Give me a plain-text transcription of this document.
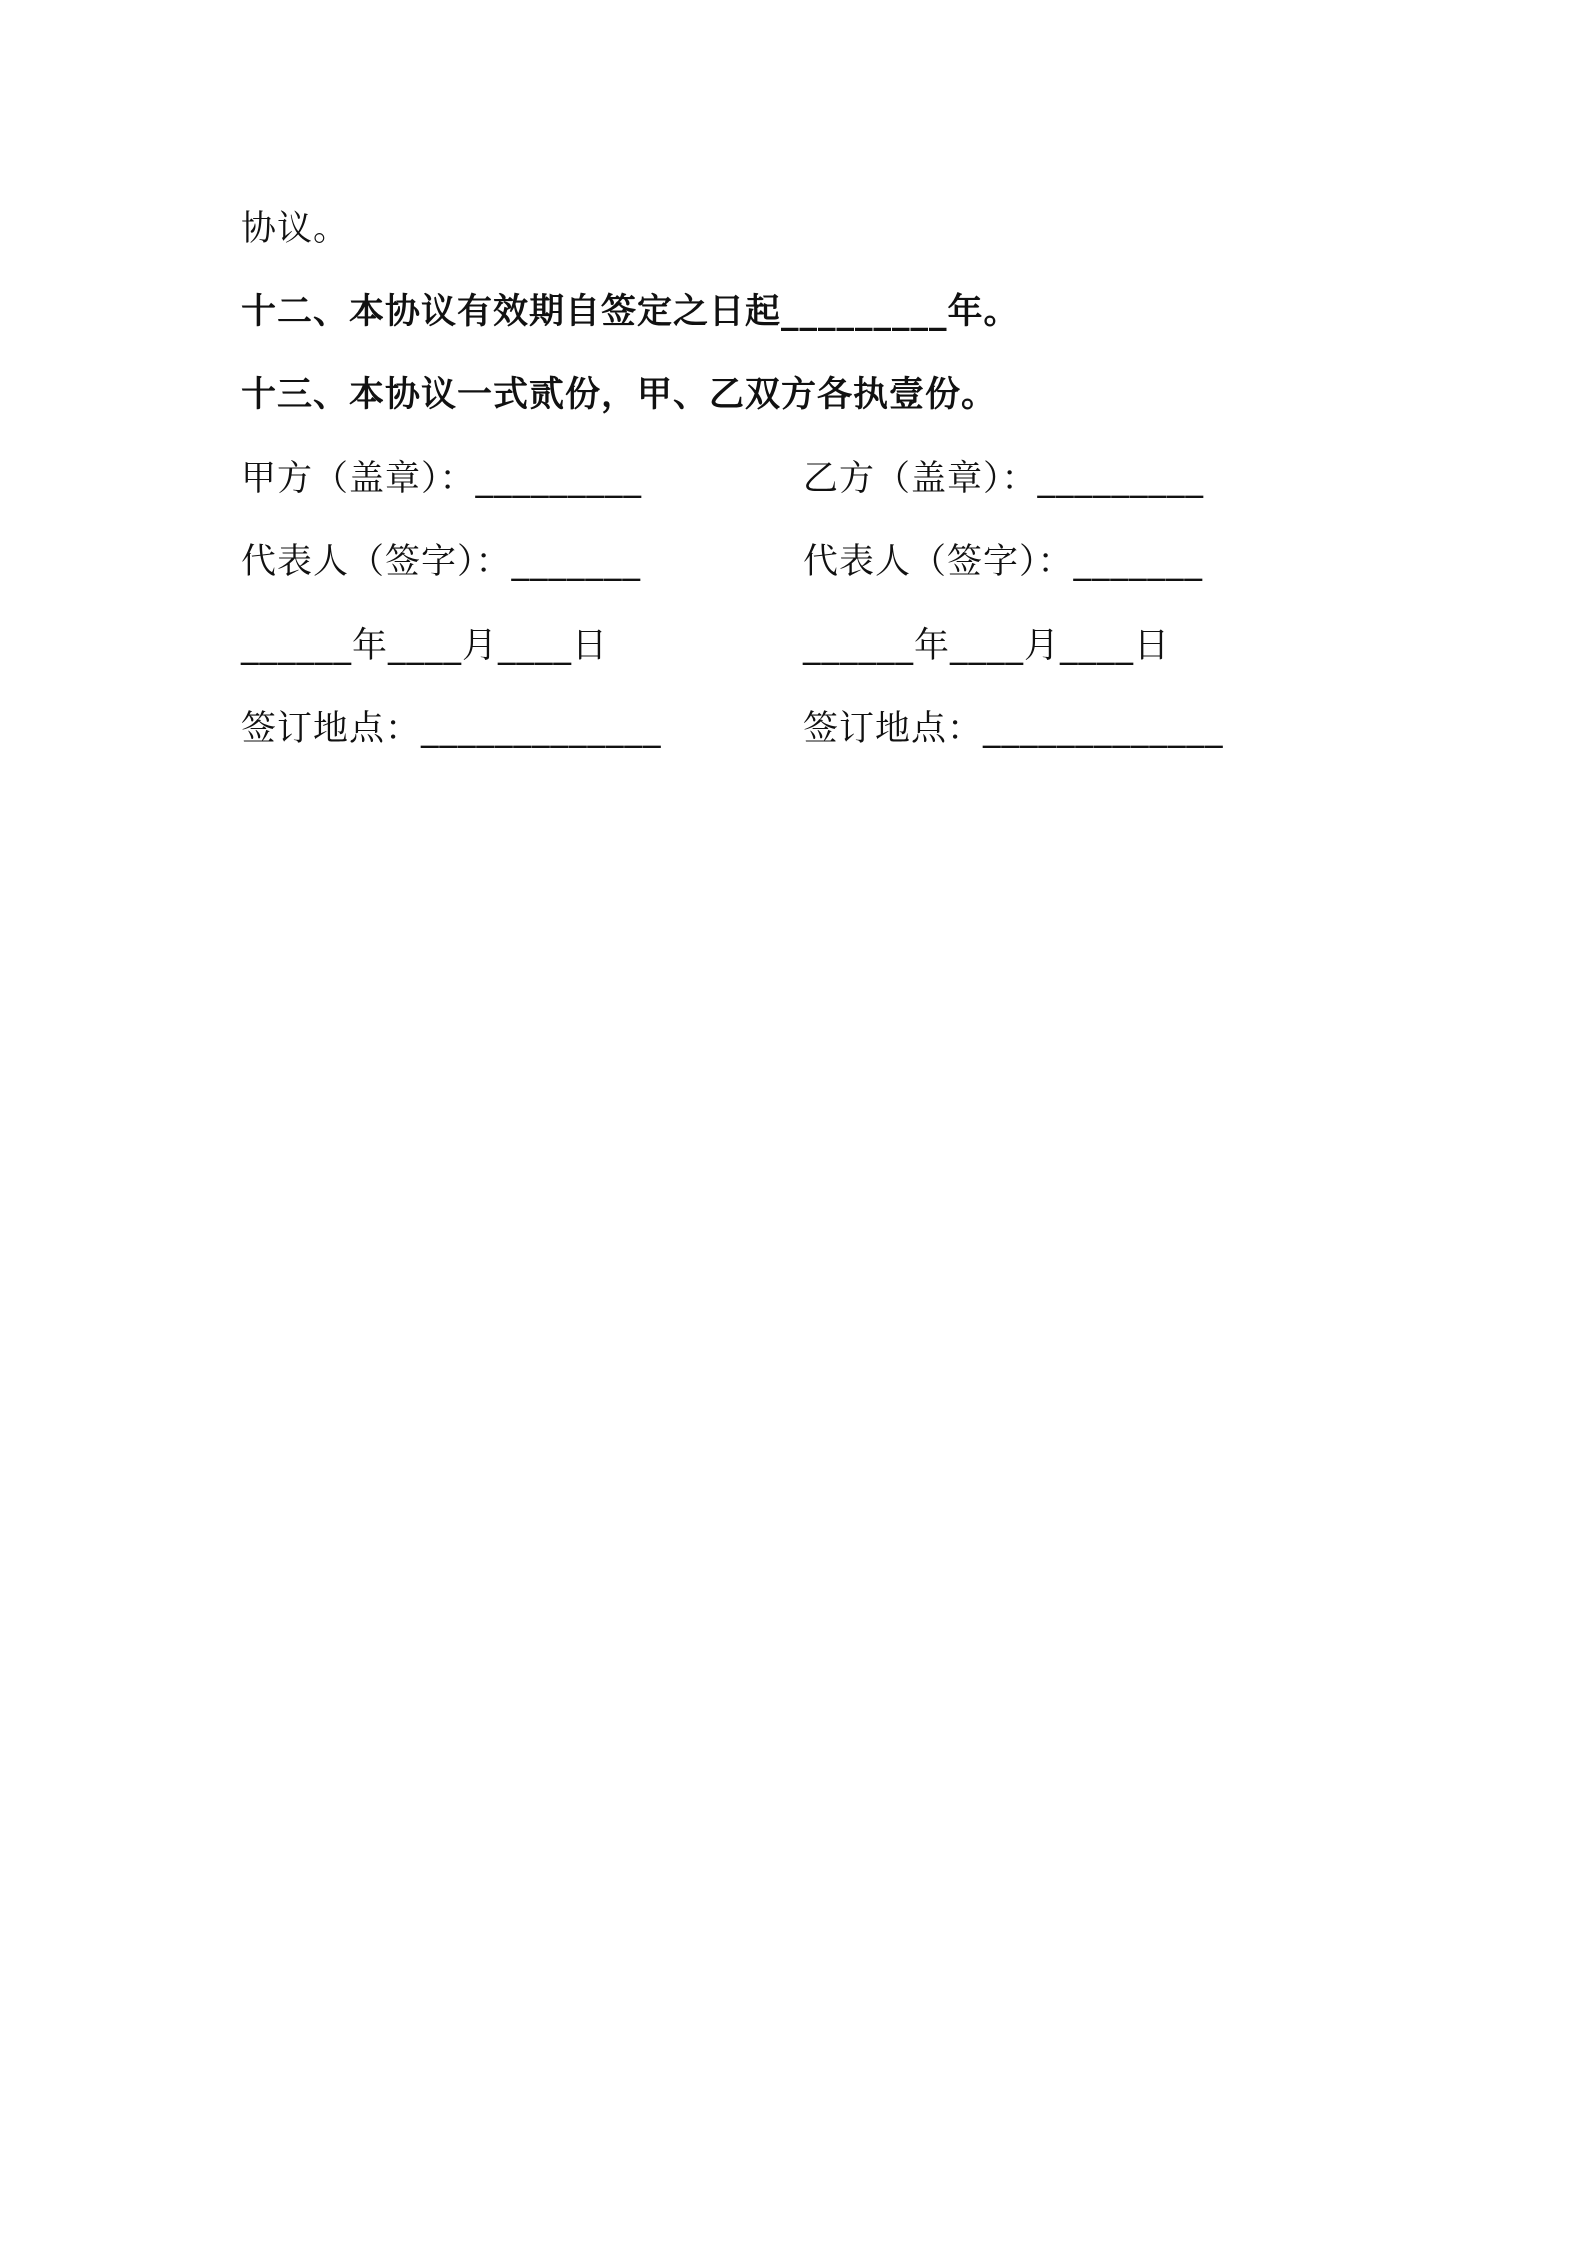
协议。
十二、本协议有效期自签定之日起_________年。
十三、本协议一式贰份，甲、乙双方各执壹份。
甲方（盖章）：_________	乙方（盖章）：_________
代表人（签字）：_______	代表人（签字）：_______
______年____月____日	______年____月____日
签订地点：_____________	签订地点：_____________
